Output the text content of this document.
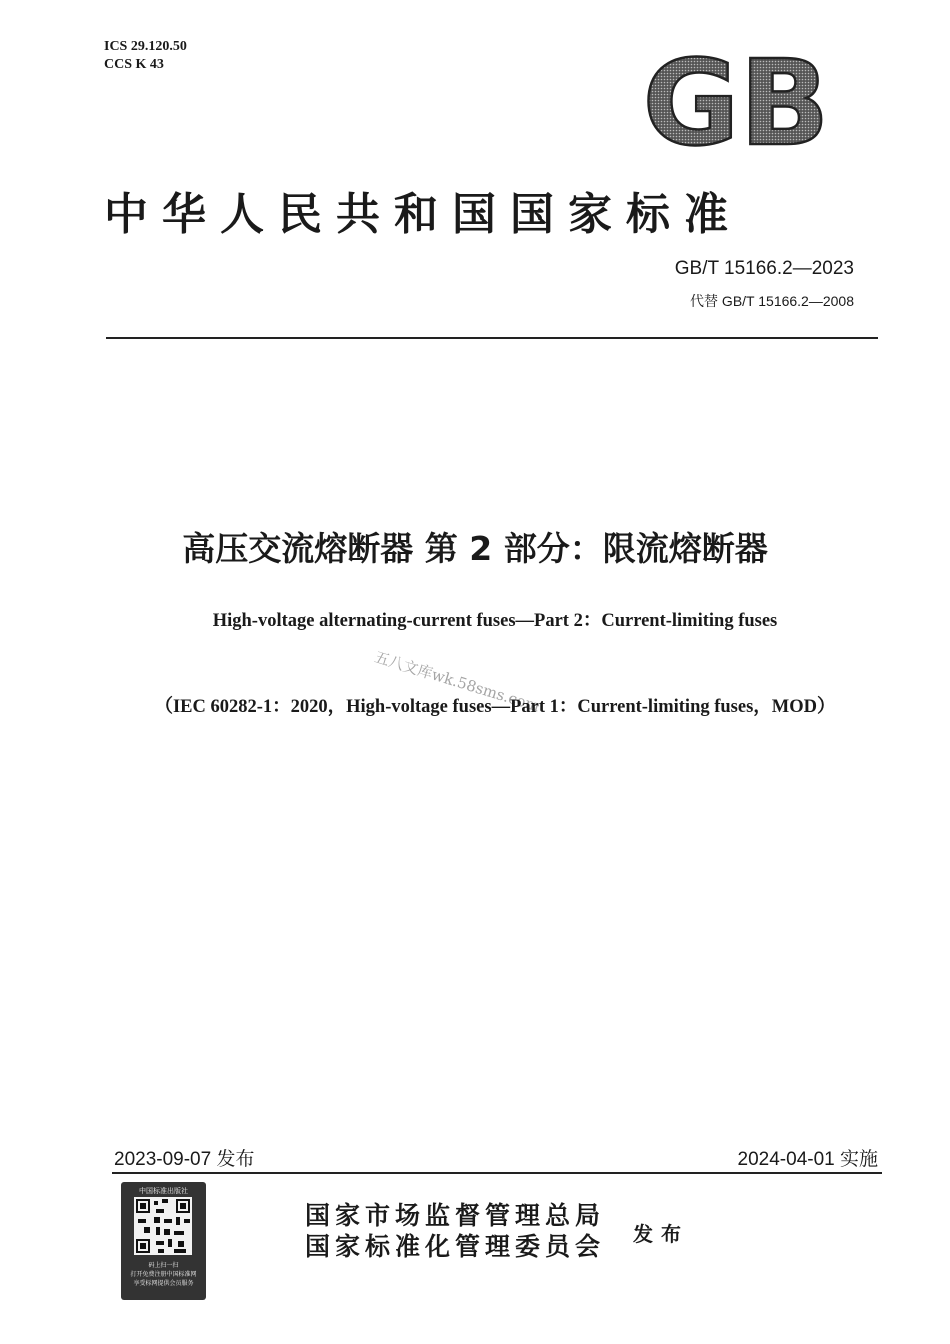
ICS 29.120.50
CCS K 43	GB
中华人民共和国国家标准
GB/T 15166.2—2023
代替 GB/T 15166.2—2008
高压交流熔断器 第 2 部分：限流熔断器
High-voltage alternating-current fuses—Part 2：Current-limiting fuses
五八文库wk.58sms.com
（IEC 60282-1：2020，High-voltage fuses—Part 1：Current-limiting fuses，MOD）
2023-09-07 发布	2024-04-01 实施
中国标准出版社
码上扫一扫
打开免费注册中国标准网
享受标网提供会员服务
国家市场监督管理总局
国家标准化管理委员会 发布
